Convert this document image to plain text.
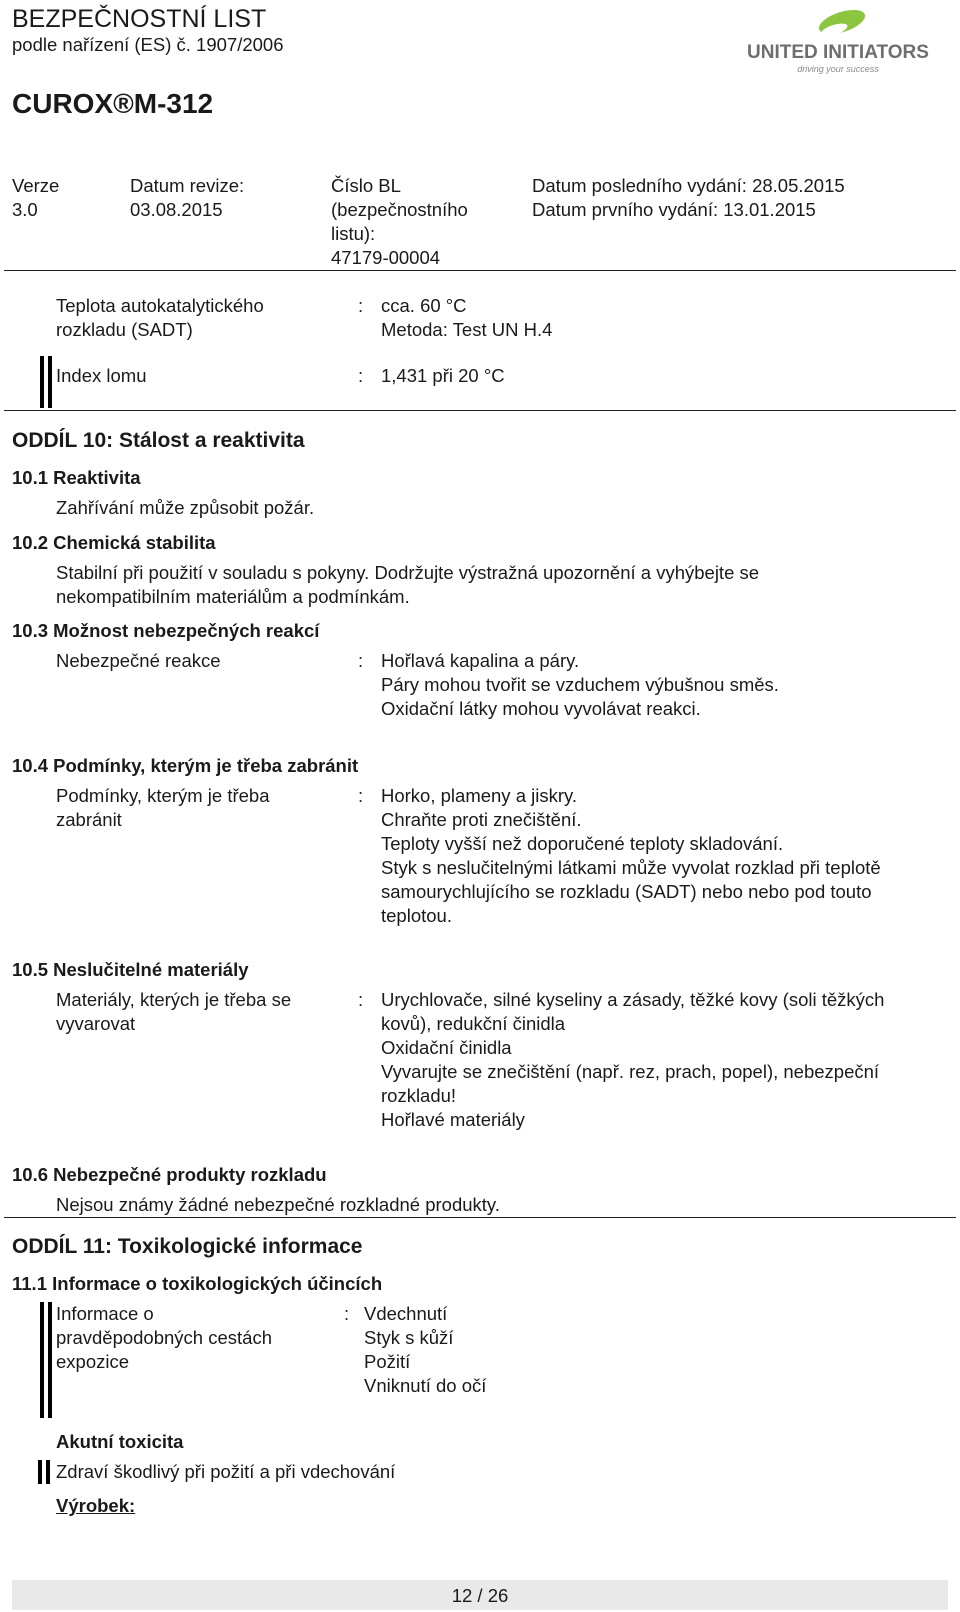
BEZPEČNOSTNÍ LIST
podle nařízení (ES) č. 1907/2006
CUROX®M-312
UNITED INITIATORS
driving your success
Verze
3.0
Datum revize:
03.08.2015
Číslo BL
(bezpečnostního
listu):
47179-00004
Datum posledního vydání: 28.05.2015
Datum prvního vydání: 13.01.2015
Teplota autokatalytického
rozkladu (SADT)
: cca. 60 °C
Metoda: Test UN H.4
Index lomu	: 1,431 při 20 °C
ODDÍL 10: Stálost a reaktivita
10.1 Reaktivita
Zahřívání může způsobit požár.
10.2 Chemická stabilita
Stabilní při použití v souladu s pokyny. Dodržujte výstražná upozornění a vyhýbejte se
nekompatibilním materiálům a podmínkám.
10.3 Možnost nebezpečných reakcí
Nebezpečné reakce	: Hořlavá kapalina a páry.
Páry mohou tvořit se vzduchem výbušnou směs.
Oxidační látky mohou vyvolávat reakci.
10.4 Podmínky, kterým je třeba zabránit
Podmínky, kterým je třeba
zabránit
: Horko, plameny a jiskry.
Chraňte proti znečištění.
Teploty vyšší než doporučené teploty skladování.
Styk s neslučitelnými látkami může vyvolat rozklad při teplotě
samourychlujícího se rozkladu (SADT) nebo nebo pod touto
teplotou.
10.5 Neslučitelné materiály
Materiály, kterých je třeba se
vyvarovat
: Urychlovače, silné kyseliny a zásady, těžké kovy (soli těžkých
kovů), redukční činidla
Oxidační činidla
Vyvarujte se znečištění (např. rez, prach, popel), nebezpeční
rozkladu!
Hořlavé materiály
10.6 Nebezpečné produkty rozkladu
Nejsou známy žádné nebezpečné rozkladné produkty.
ODDÍL 11: Toxikologické informace
11.1 Informace o toxikologických účincích
Informace o
pravděpodobných cestách
expozice
: Vdechnutí
Styk s kůží
Požití
Vniknutí do očí
Akutní toxicita
Zdraví škodlivý při požití a při vdechování
Výrobek:
12 / 26
